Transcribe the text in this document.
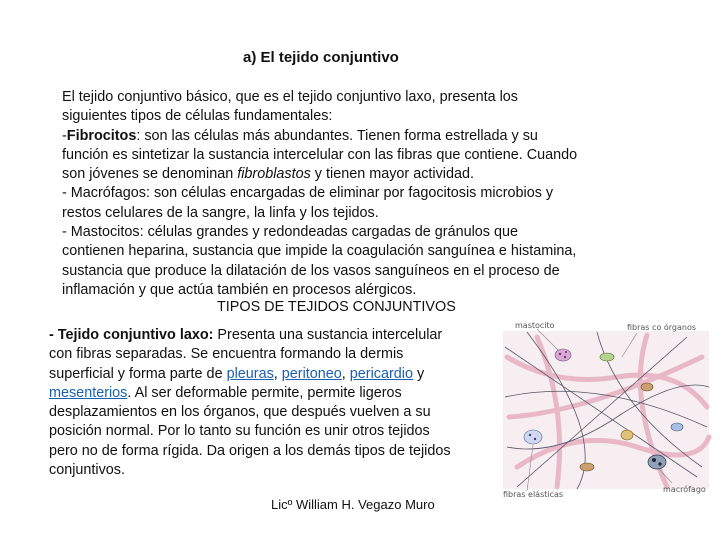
a) El tejido conjuntivo
El tejido conjuntivo básico, que es el tejido conjuntivo laxo, presenta los
siguientes tipos de células fundamentales:
-Fibrocitos: son las células más abundantes. Tienen forma estrellada y su
función es sintetizar la sustancia intercelular con las fibras que contiene. Cuando
son jóvenes se denominan fibroblastos y tienen mayor actividad.
- Macrófagos: son células encargadas de eliminar por fagocitosis microbios y
restos celulares de la sangre, la linfa y los tejidos.
- Mastocitos: células grandes y redondeadas cargadas de gránulos que
contienen heparina, sustancia que impide la coagulación sanguínea e histamina,
sustancia que produce la dilatación de los vasos sanguíneos en el proceso de
inflamación y que actúa también en procesos alérgicos.
TIPOS DE TEJIDOS CONJUNTIVOS
- Tejido conjuntivo laxo: Presenta una sustancia intercelular
con fibras separadas. Se encuentra formando la dermis
superficial y forma parte de pleuras, peritoneo, pericardio y
mesenterios. Al ser deformable permite, permite ligeros
desplazamientos en los órganos, que después vuelven a su
posición normal. Por lo tanto su función es unir otros tejidos
pero no de forma rígida. Da origen a los demás tipos de tejidos
conjuntivos.
Licº William H. Vegazo Muro
mastocito	fibras co órganos
fibras elásticas
macrófago
